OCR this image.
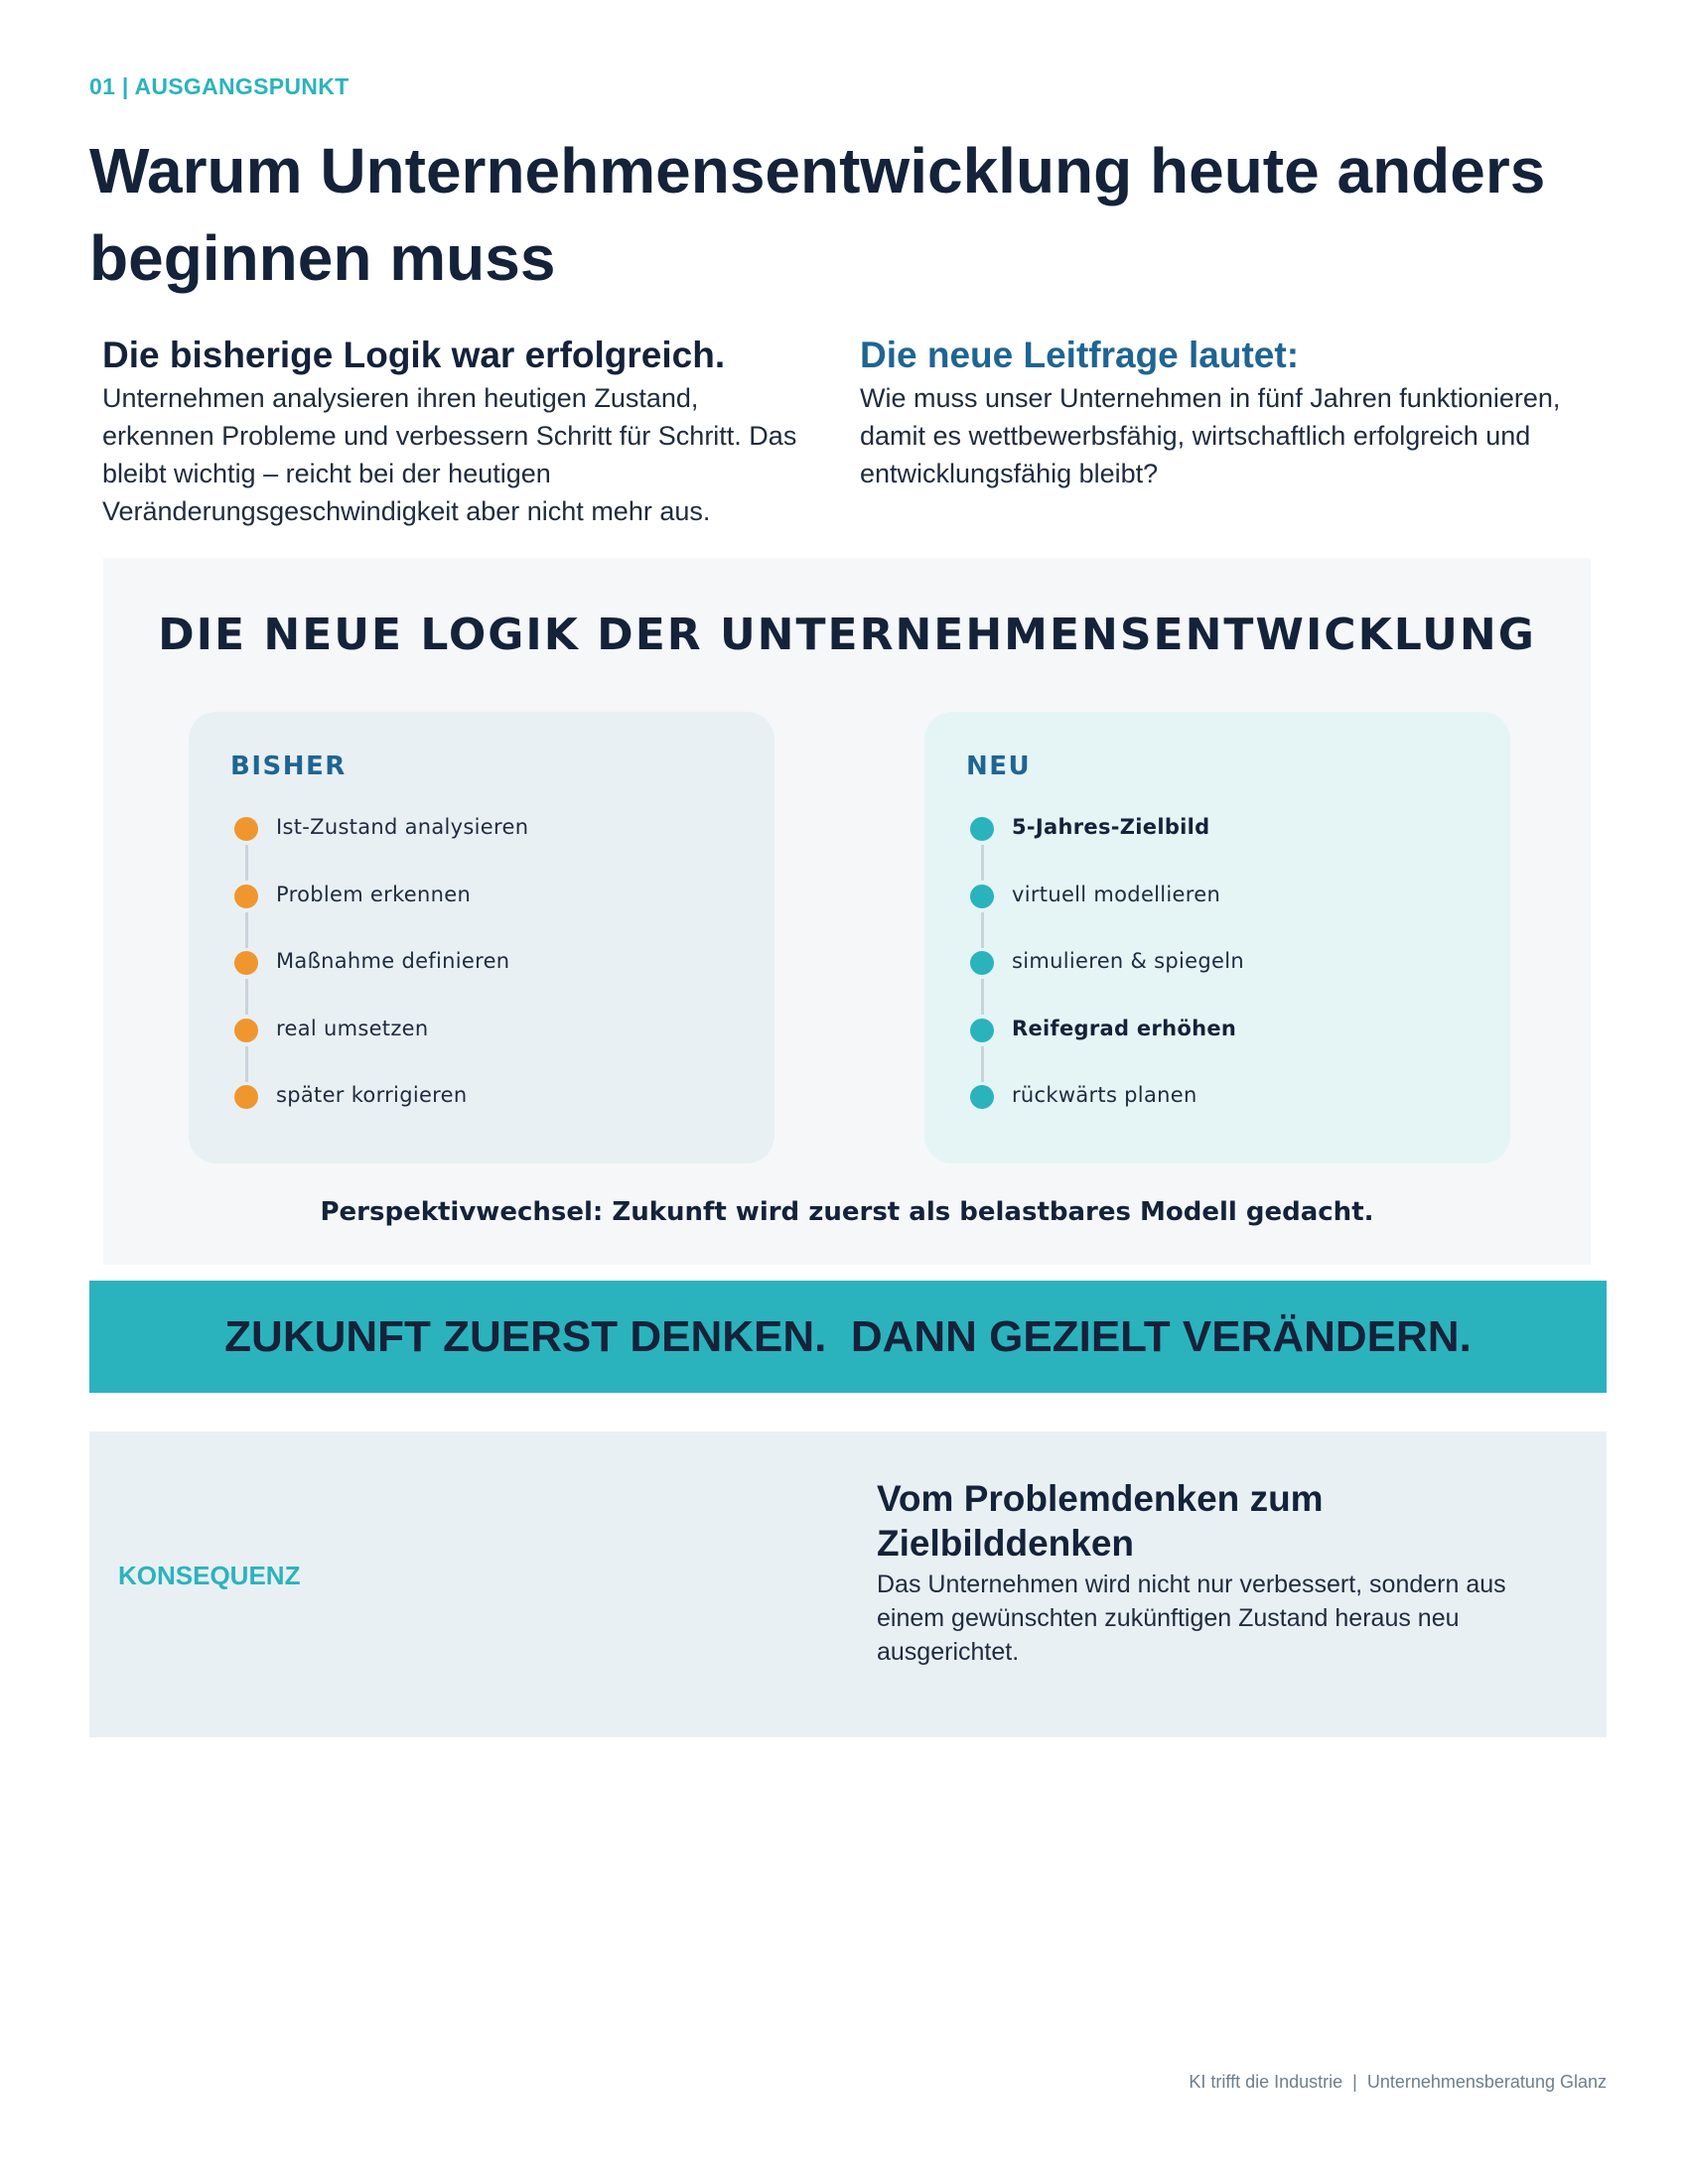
01 | AUSGANGSPUNKT
Warum Unternehmensentwicklung heute anders beginnen muss
Die bisherige Logik war erfolgreich.

Unternehmen analysieren ihren heutigen Zustand, erkennen Probleme und verbessern Schritt für Schritt. Das bleibt wichtig – reicht bei der heutigen Veränderungsgeschwindigkeit aber nicht mehr aus.

Die neue Leitfrage lautet:

Wie muss unser Unternehmen in fünf Jahren funktionieren, damit es wettbewerbsfähig, wirtschaftlich erfolgreich und entwicklungsfähig bleibt?

DIE NEUE LOGIK DER UNTERNEHMENSENTWICKLUNG
BISHER
Ist-Zustand analysieren
Problem erkennen
Maßnahme definieren
real umsetzen
später korrigieren
NEU
5-Jahres-Zielbild
virtuell modellieren
simulieren & spiegeln
Reifegrad erhöhen
rückwärts planen
Perspektivwechsel: Zukunft wird zuerst als belastbares Modell gedacht.
ZUKUNFT ZUERST DENKEN.  DANN GEZIELT VERÄNDERN.
KONSEQUENZ
Vom Problemdenken zum Zielbilddenken

Das Unternehmen wird nicht nur verbessert, sondern aus einem gewünschten zukünftigen Zustand heraus neu ausgerichtet.

KI trifft die Industrie  |  Unternehmensberatung Glanz
